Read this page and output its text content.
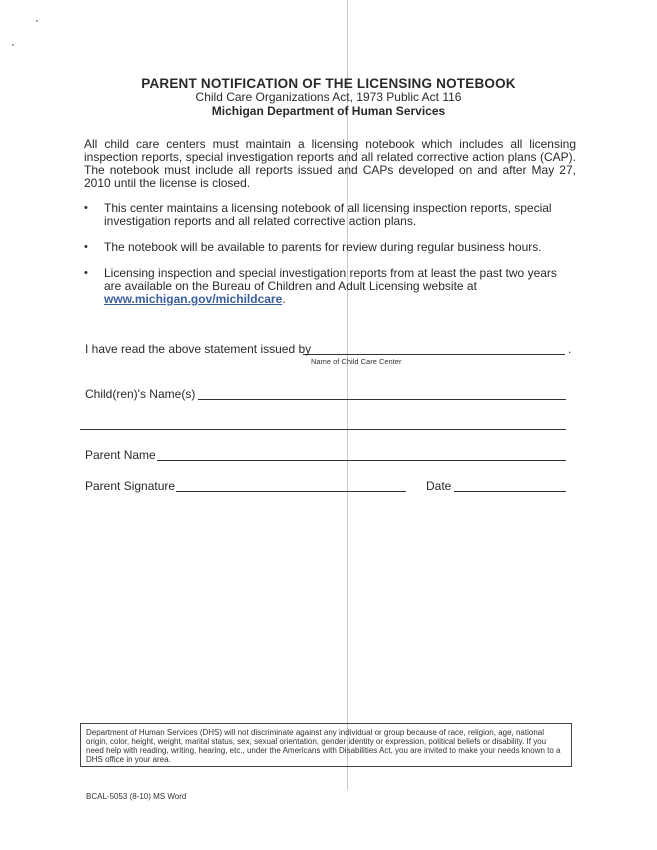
PARENT NOTIFICATION OF THE LICENSING NOTEBOOK
Child Care Organizations Act, 1973 Public Act 116
Michigan Department of Human Services
All child care centers must maintain a licensing notebook which includes all licensing inspection reports, special investigation reports and all related corrective action plans (CAP). The notebook must include all reports issued and CAPs developed on and after May 27, 2010 until the license is closed.
• This center maintains a licensing notebook of all licensing inspection reports, special investigation reports and all related corrective action plans.
• The notebook will be available to parents for review during regular business hours.
• Licensing inspection and special investigation reports from at least the past two years are available on the Bureau of Children and Adult Licensing website at
www.michigan.gov/michildcare.
I have read the above statement issued by	.
Name of Child Care Center
Child(ren)'s Name(s)
Parent Name
Parent Signature	Date
Department of Human Services (DHS) will not discriminate against any individual or group because of race, religion, age, national origin, color, height, weight, marital status, sex, sexual orientation, gender identity or expression, political beliefs or disability. If you need help with reading, writing, hearing, etc., under the Americans with Disabilities Act, you are invited to make your needs known to a DHS office in your area.
BCAL-5053 (8-10) MS Word
